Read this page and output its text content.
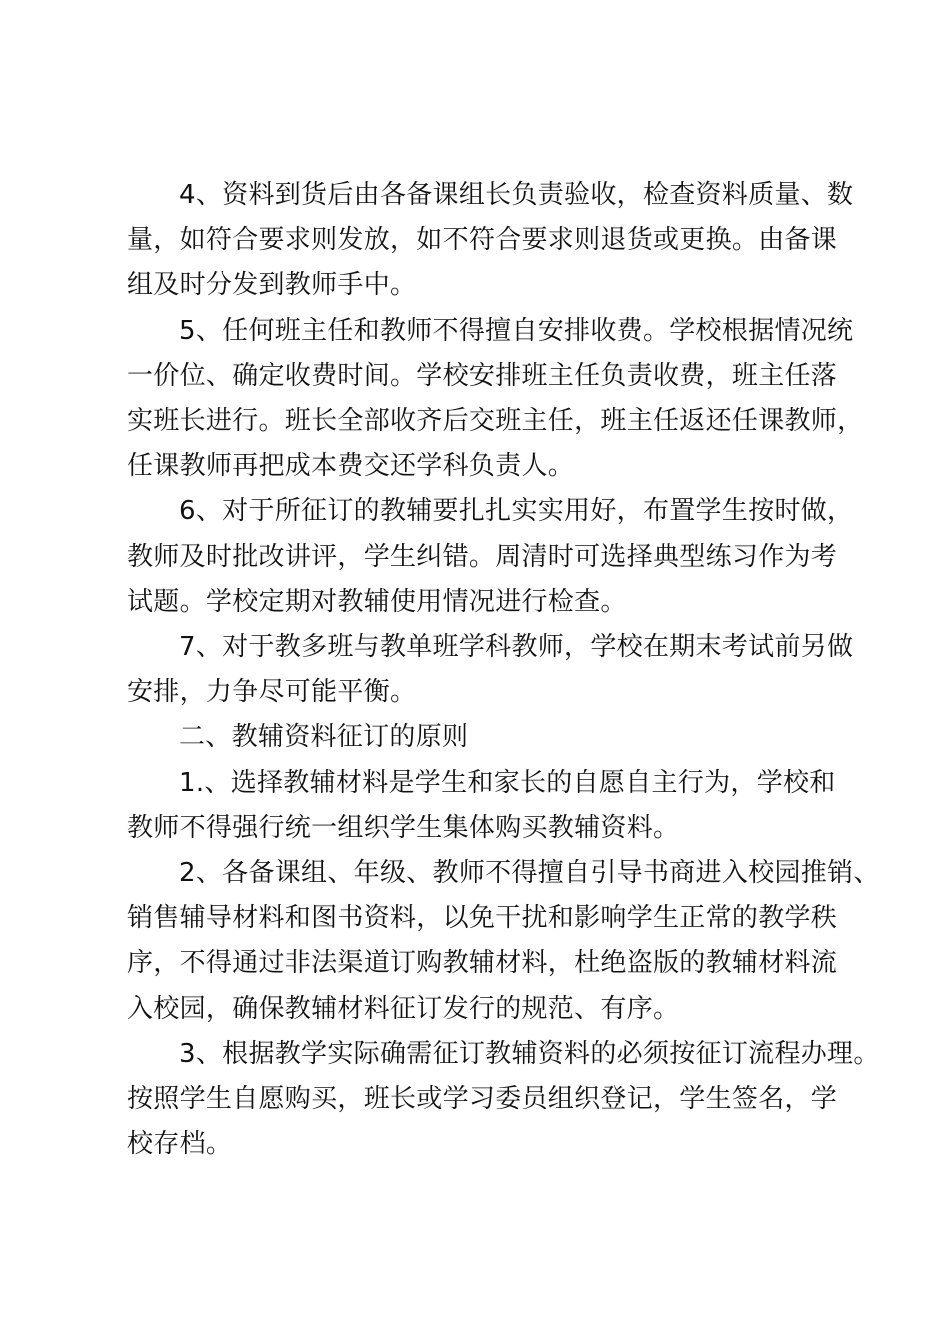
4、资料到货后由各备课组长负责验收，检查资料质量、数
量，如符合要求则发放，如不符合要求则退货或更换。由备课
组及时分发到教师手中。
5、任何班主任和教师不得擅自安排收费。学校根据情况统
一价位、确定收费时间。学校安排班主任负责收费，班主任落
实班长进行。班长全部收齐后交班主任，班主任返还任课教师，
任课教师再把成本费交还学科负责人。
6、对于所征订的教辅要扎扎实实用好，布置学生按时做，
教师及时批改讲评，学生纠错。周清时可选择典型练习作为考
试题。学校定期对教辅使用情况进行检查。
7、对于教多班与教单班学科教师，学校在期末考试前另做
安排，力争尽可能平衡。
二、教辅资料征订的原则
1.、选择教辅材料是学生和家长的自愿自主行为，学校和
教师不得强行统一组织学生集体购买教辅资料。
2、各备课组、年级、教师不得擅自引导书商进入校园推销、
销售辅导材料和图书资料，以免干扰和影响学生正常的教学秩
序，不得通过非法渠道订购教辅材料，杜绝盗版的教辅材料流
入校园，确保教辅材料征订发行的规范、有序。
3、根据教学实际确需征订教辅资料的必须按征订流程办理。
按照学生自愿购买，班长或学习委员组织登记，学生签名，学
校存档。
